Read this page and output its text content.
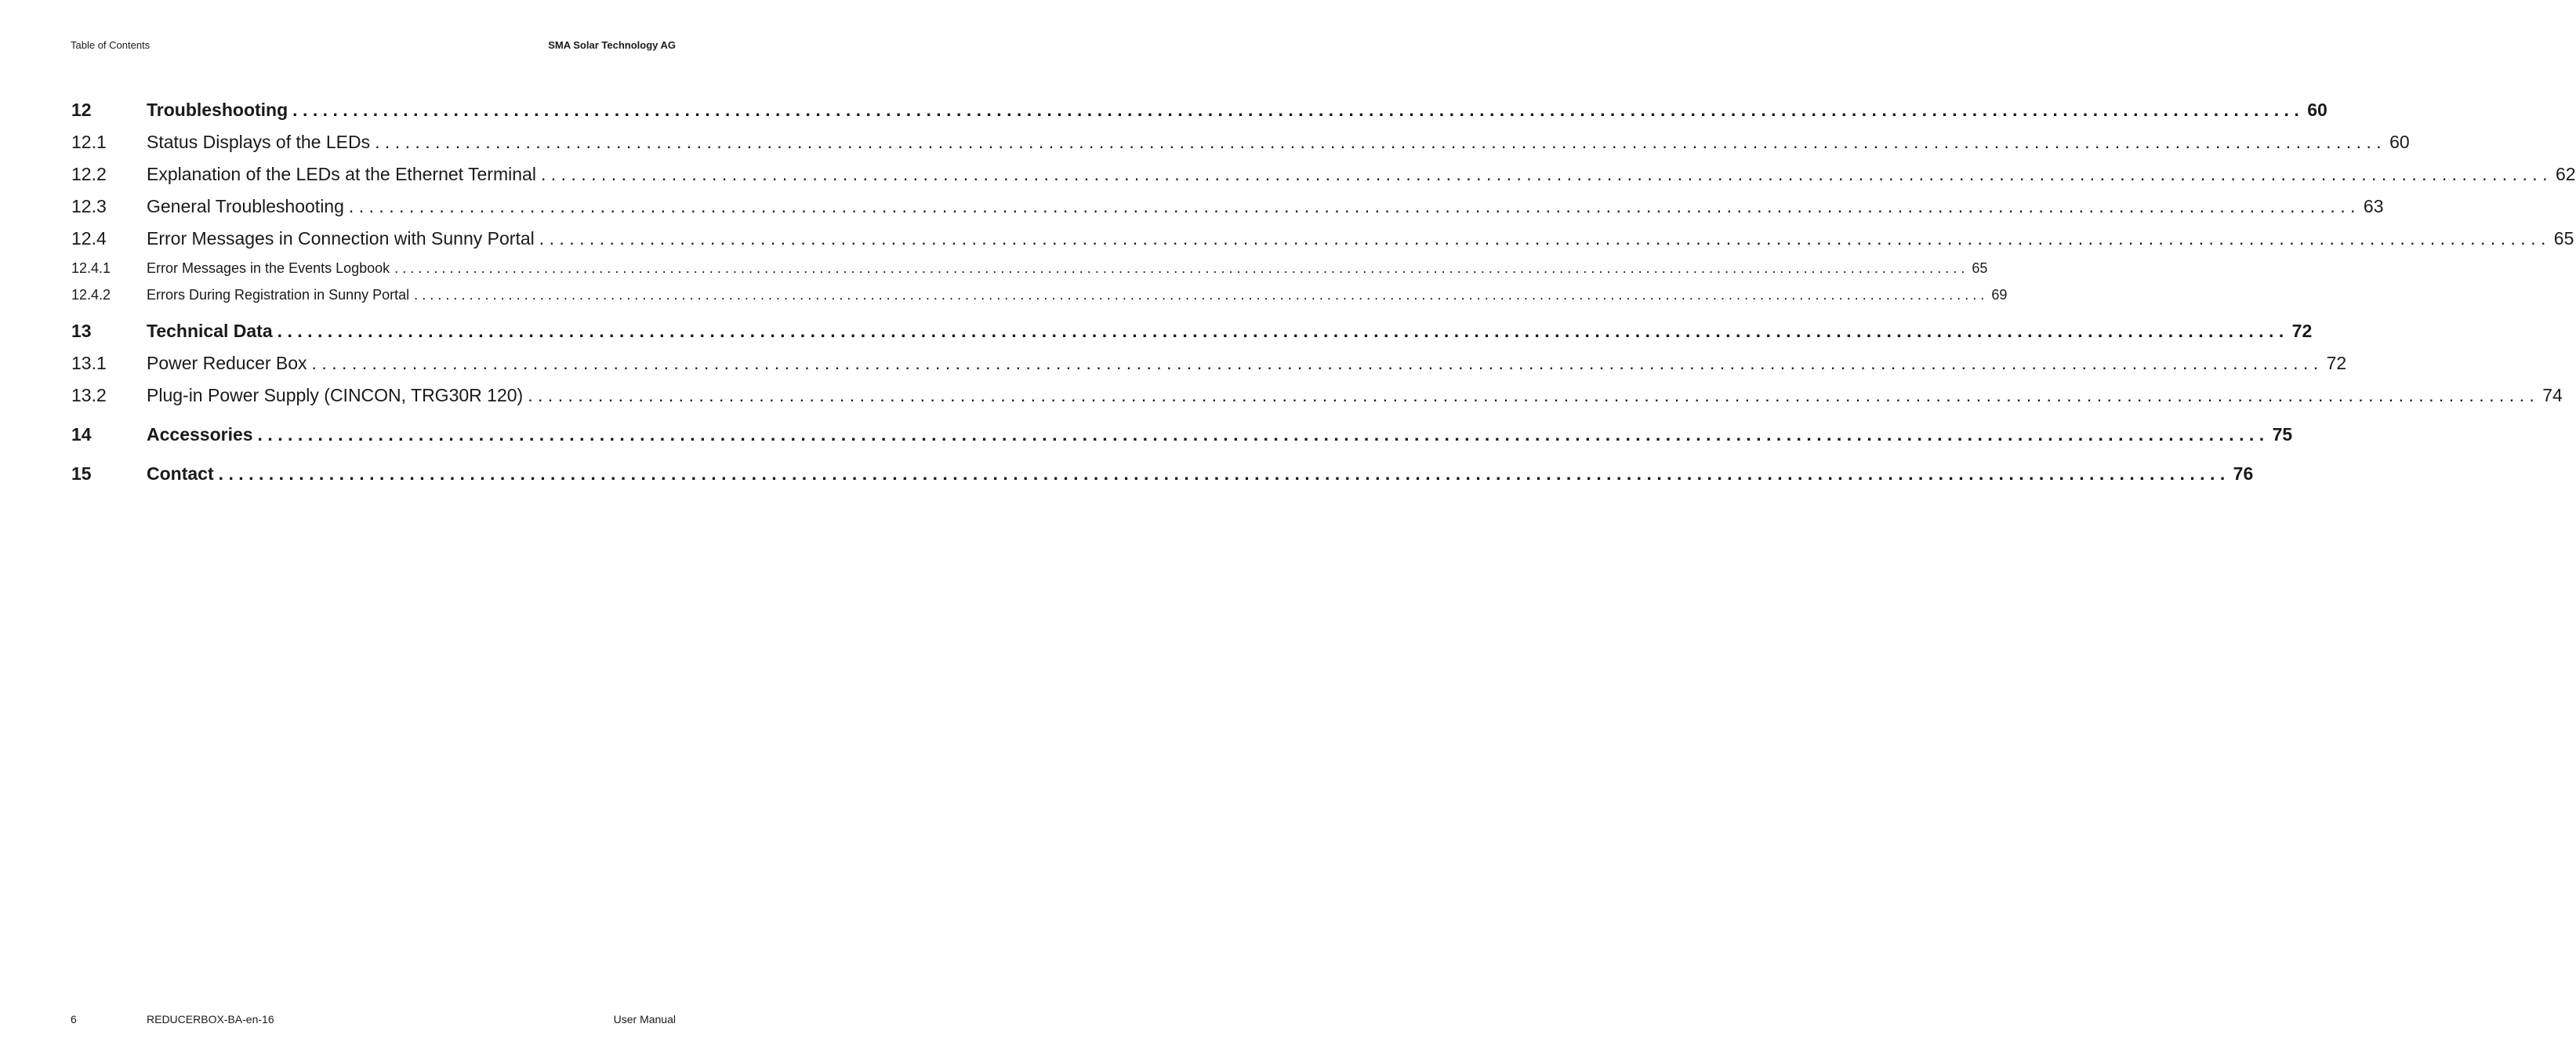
Table of Contents	SMA Solar Technology AG
12	Troubleshooting ........................................................................................................................................................................................................ 60
12.1	Status Displays of the LEDs ........................................................................................................................................................................................................ 60
12.2	Explanation of the LEDs at the Ethernet Terminal ........................................................................................................................................................................................................ 62
12.3	General Troubleshooting ........................................................................................................................................................................................................ 63
12.4	Error Messages in Connection with Sunny Portal ........................................................................................................................................................................................................ 65
12.4.1	Error Messages in the Events Logbook ........................................................................................................................................................................................................ 65
12.4.2	Errors During Registration in Sunny Portal ........................................................................................................................................................................................................ 69
13	Technical Data ........................................................................................................................................................................................................ 72
13.1	Power Reducer Box ........................................................................................................................................................................................................ 72
13.2	Plug-in Power Supply (CINCON, TRG30R 120) ........................................................................................................................................................................................................ 74
14	Accessories ........................................................................................................................................................................................................ 75
15	Contact ........................................................................................................................................................................................................ 76
6	REDUCERBOX-BA-en-16	User Manual
